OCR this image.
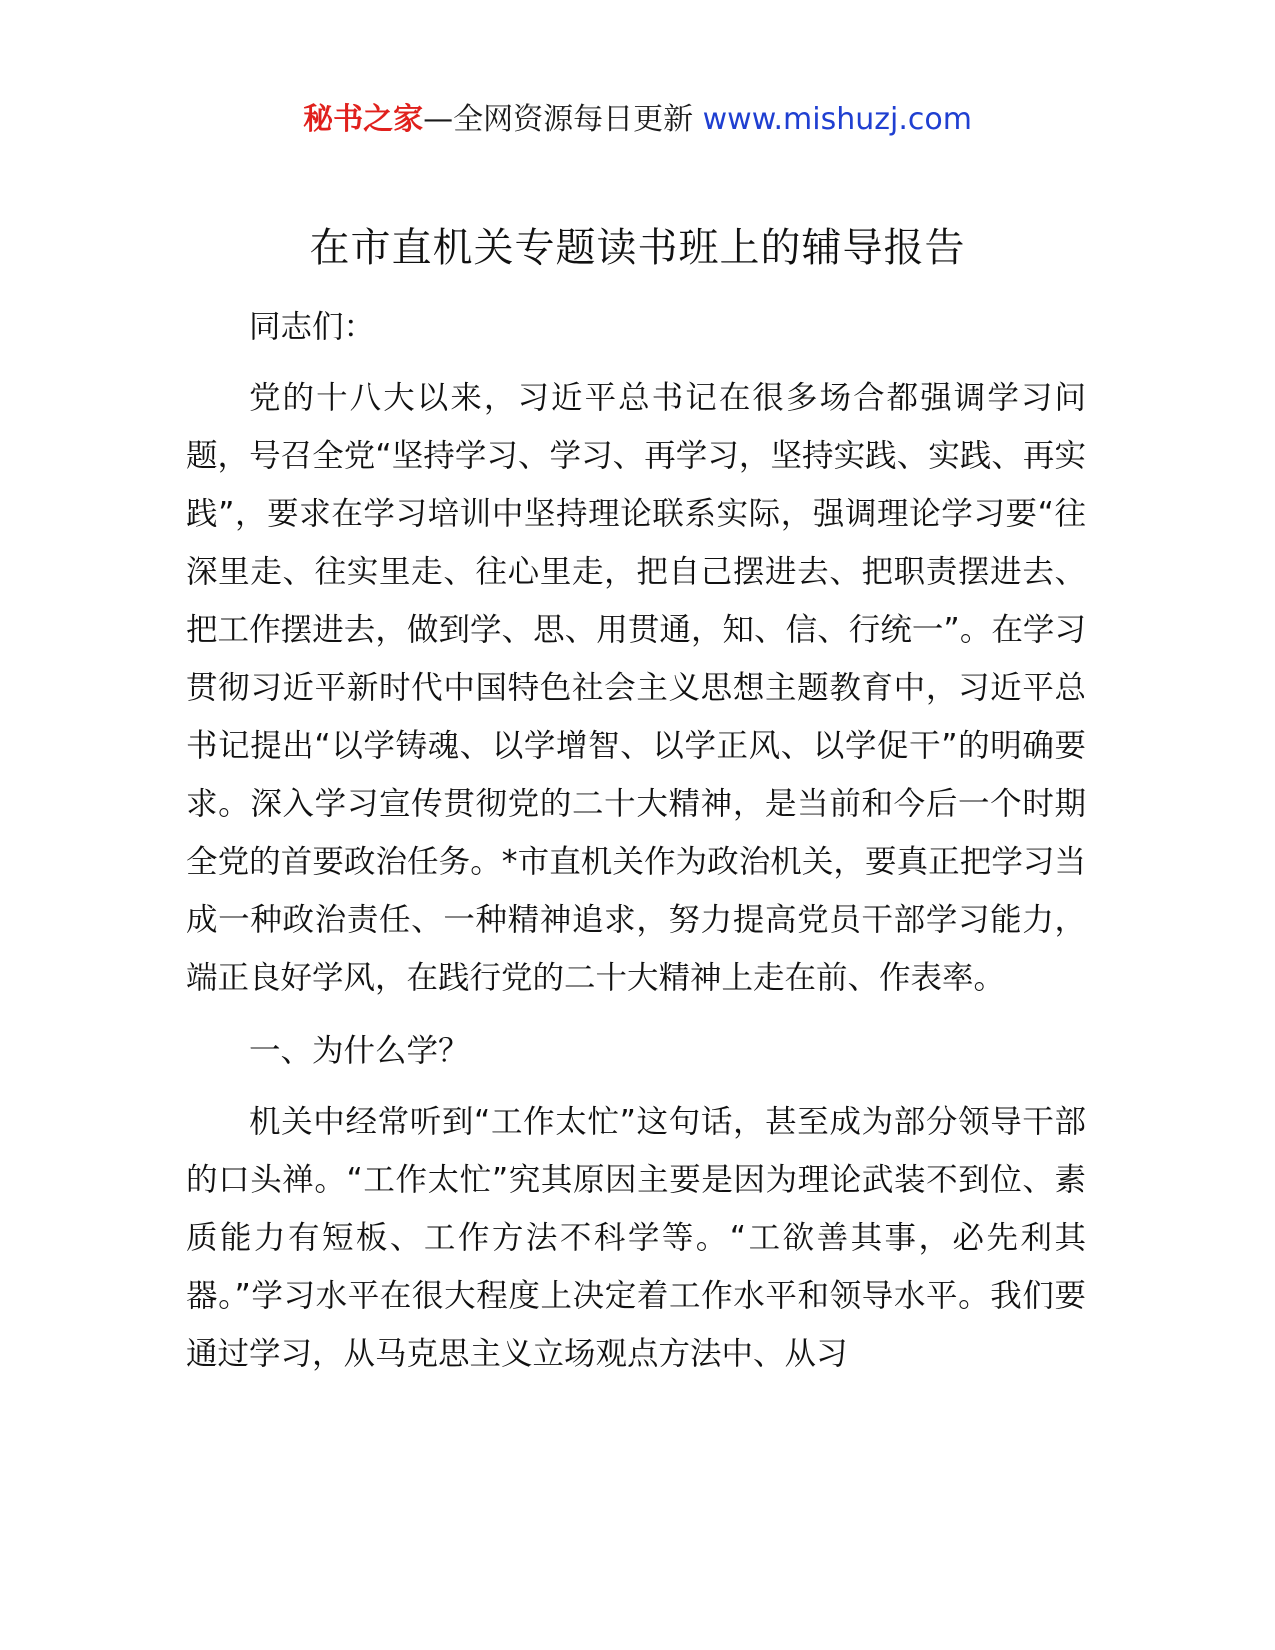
秘书之家—全网资源每日更新 www.mishuzj.com
在市直机关专题读书班上的辅导报告

同志们：

党的十八大以来，习近平总书记在很多场合都强调学习问题，号召全党“坚持学习、学习、再学习，坚持实践、实践、再实践”，要求在学习培训中坚持理论联系实际，强调理论学习要“往深里走、往实里走、往心里走，把自己摆进去、把职责摆进去、把工作摆进去，做到学、思、用贯通，知、信、行统一”。在学习贯彻习近平新时代中国特色社会主义思想主题教育中，习近平总书记提出“以学铸魂、以学增智、以学正风、以学促干”的明确要求。深入学习宣传贯彻党的二十大精神，是当前和今后一个时期全党的首要政治任务。*市直机关作为政治机关，要真正把学习当成一种政治责任、一种精神追求，努力提高党员干部学习能力，端正良好学风，在践行党的二十大精神上走在前、作表率。

一、为什么学？

机关中经常听到“工作太忙”这句话，甚至成为部分领导干部的口头禅。“工作太忙”究其原因主要是因为理论武装不到位、素质能力有短板、工作方法不科学等。“工欲善其事，必先利其器。”学习水平在很大程度上决定着工作水平和领导水平。我们要通过学习，从马克思主义立场观点方法中、从习
